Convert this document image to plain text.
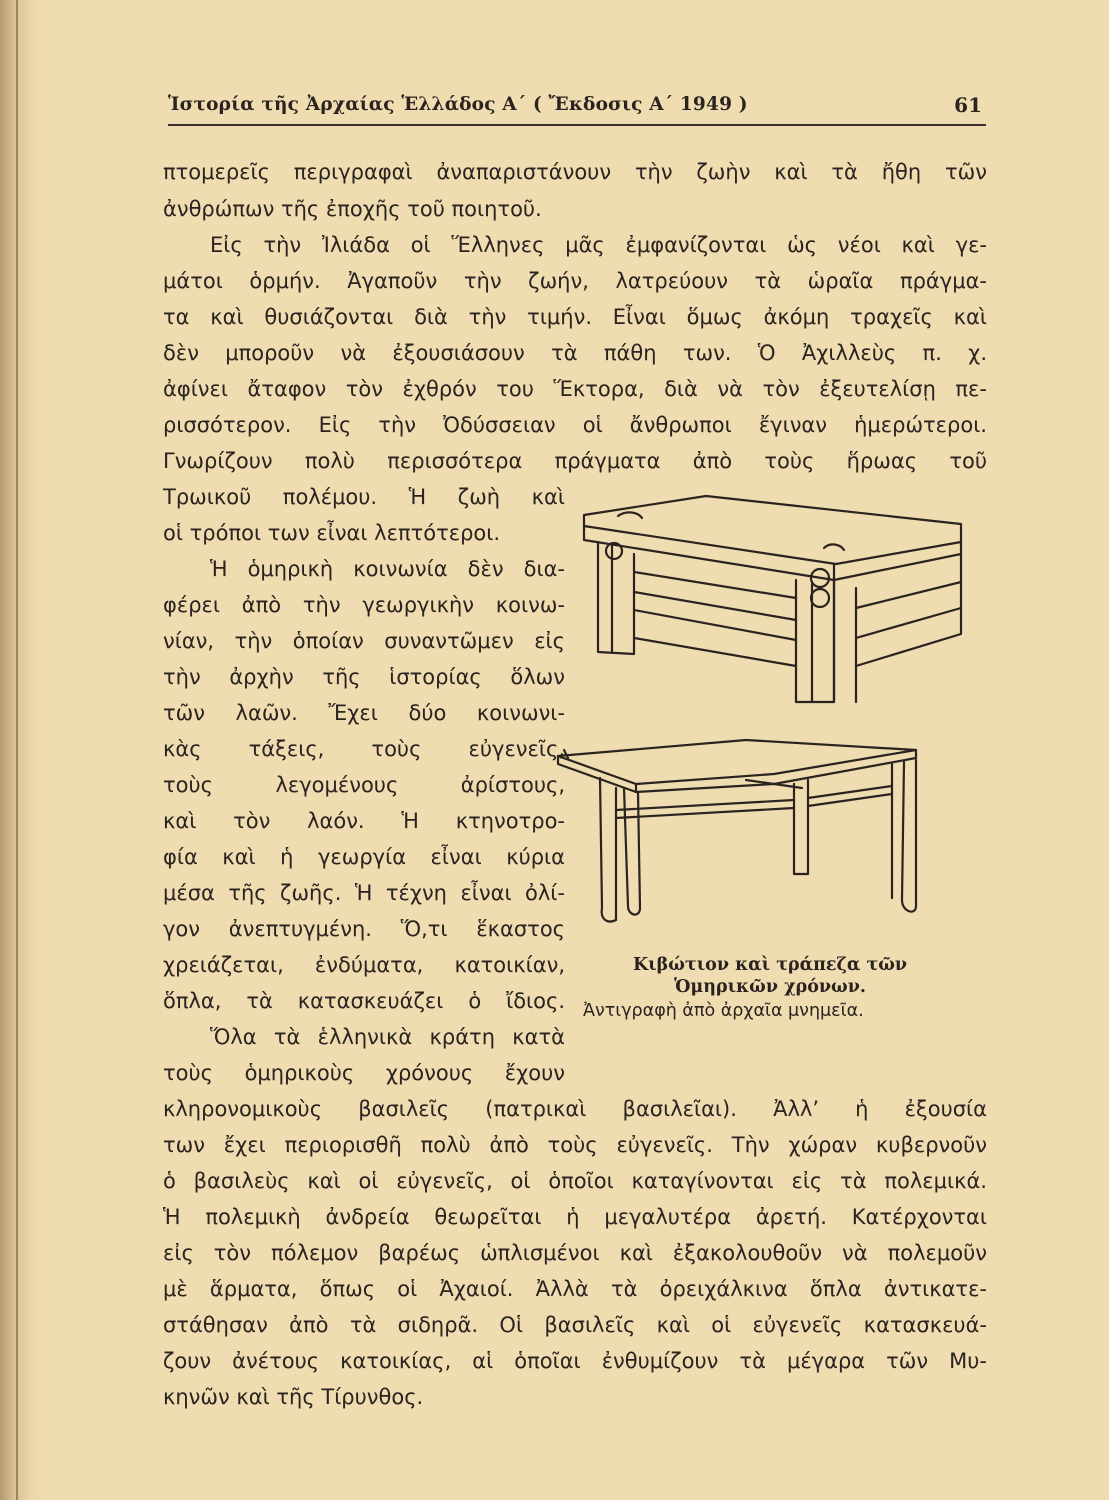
Ἱστορία τῆς Ἀρχαίας Ἑλλάδος Α΄ ( Ἔκδοσις Α΄ 1949 )	61
πτομερεῖς περιγραφαὶ ἀναπαριστάνουν τὴν ζωὴν καὶ τὰ ἤθη τῶν
ἀνθρώπων τῆς ἐποχῆς τοῦ ποιητοῦ.
Εἰς τὴν Ἰλιάδα οἱ Ἕλληνες μᾶς ἐμφανίζονται ὡς νέοι καὶ γε-
μάτοι ὁρμήν. Ἀγαποῦν τὴν ζωήν, λατρεύουν τὰ ὡραῖα πράγμα-
τα καὶ θυσιάζονται διὰ τὴν τιμήν. Εἶναι ὅμως ἀκόμη τραχεῖς καὶ
δὲν μποροῦν νὰ ἐξουσιάσουν τὰ πάθη των. Ὁ Ἀχιλλεὺς π. χ.
ἀφίνει ἄταφον τὸν ἐχθρόν του Ἕκτορα, διὰ νὰ τὸν ἐξευτελίσῃ πε-
ρισσότερον. Εἰς τὴν Ὀδύσσειαν οἱ ἄνθρωποι ἔγιναν ἡμερώτεροι.
Γνωρίζουν πολὺ περισσότερα πράγματα ἀπὸ τοὺς ἥρωας τοῦ
Τρωικοῦ πολέμου. Ἡ ζωὴ καὶ
οἱ τρόποι των εἶναι λεπτότεροι.
Ἡ ὁμηρικὴ κοινωνία δὲν δια-
φέρει ἀπὸ τὴν γεωργικὴν κοινω-
νίαν, τὴν ὁποίαν συναντῶμεν εἰς
τὴν ἀρχὴν τῆς ἱστορίας ὅλων
τῶν λαῶν. Ἔχει δύο κοινωνι-
κὰς τάξεις, τοὺς εὐγενεῖς,
τοὺς λεγομένους ἀρίστους,
καὶ τὸν λαόν. Ἡ κτηνοτρο-
φία καὶ ἡ γεωργία εἶναι κύρια
μέσα τῆς ζωῆς. Ἡ τέχνη εἶναι ὀλί-
γον ἀνεπτυγμένη. Ὅ,τι ἕκαστος
χρειάζεται, ἐνδύματα, κατοικίαν,
ὅπλα, τὰ κατασκευάζει ὁ ἴδιος.
Ὅλα τὰ ἑλληνικὰ κράτη κατὰ
τοὺς ὁμηρικοὺς χρόνους ἔχουν
κληρονομικοὺς βασιλεῖς (πατρικαὶ βασιλεῖαι). Ἀλλ’ ἡ ἐξουσία
των ἔχει περιορισθῆ πολὺ ἀπὸ τοὺς εὐγενεῖς. Τὴν χώραν κυβερνοῦν
ὁ βασιλεὺς καὶ οἱ εὐγενεῖς, οἱ ὁποῖοι καταγίνονται εἰς τὰ πολεμικά.
Ἡ πολεμικὴ ἀνδρεία θεωρεῖται ἡ μεγαλυτέρα ἀρετή. Κατέρχονται
εἰς τὸν πόλεμον βαρέως ὡπλισμένοι καὶ ἐξακολουθοῦν νὰ πολεμοῦν
μὲ ἅρματα, ὅπως οἱ Ἀχαιοί. Ἀλλὰ τὰ ὀρειχάλκινα ὅπλα ἀντικατε-
στάθησαν ἀπὸ τὰ σιδηρᾶ. Οἱ βασιλεῖς καὶ οἱ εὐγενεῖς κατασκευά-
ζουν ἀνέτους κατοικίας, αἱ ὁποῖαι ἐνθυμίζουν τὰ μέγαρα τῶν Μυ-
κηνῶν καὶ τῆς Τίρυνθος.
Κιβώτιον καὶ τράπεζα τῶν
Ὁμηρικῶν χρόνων.
Ἀντιγραφὴ ἀπὸ ἀρχαῖα μνημεῖα.
